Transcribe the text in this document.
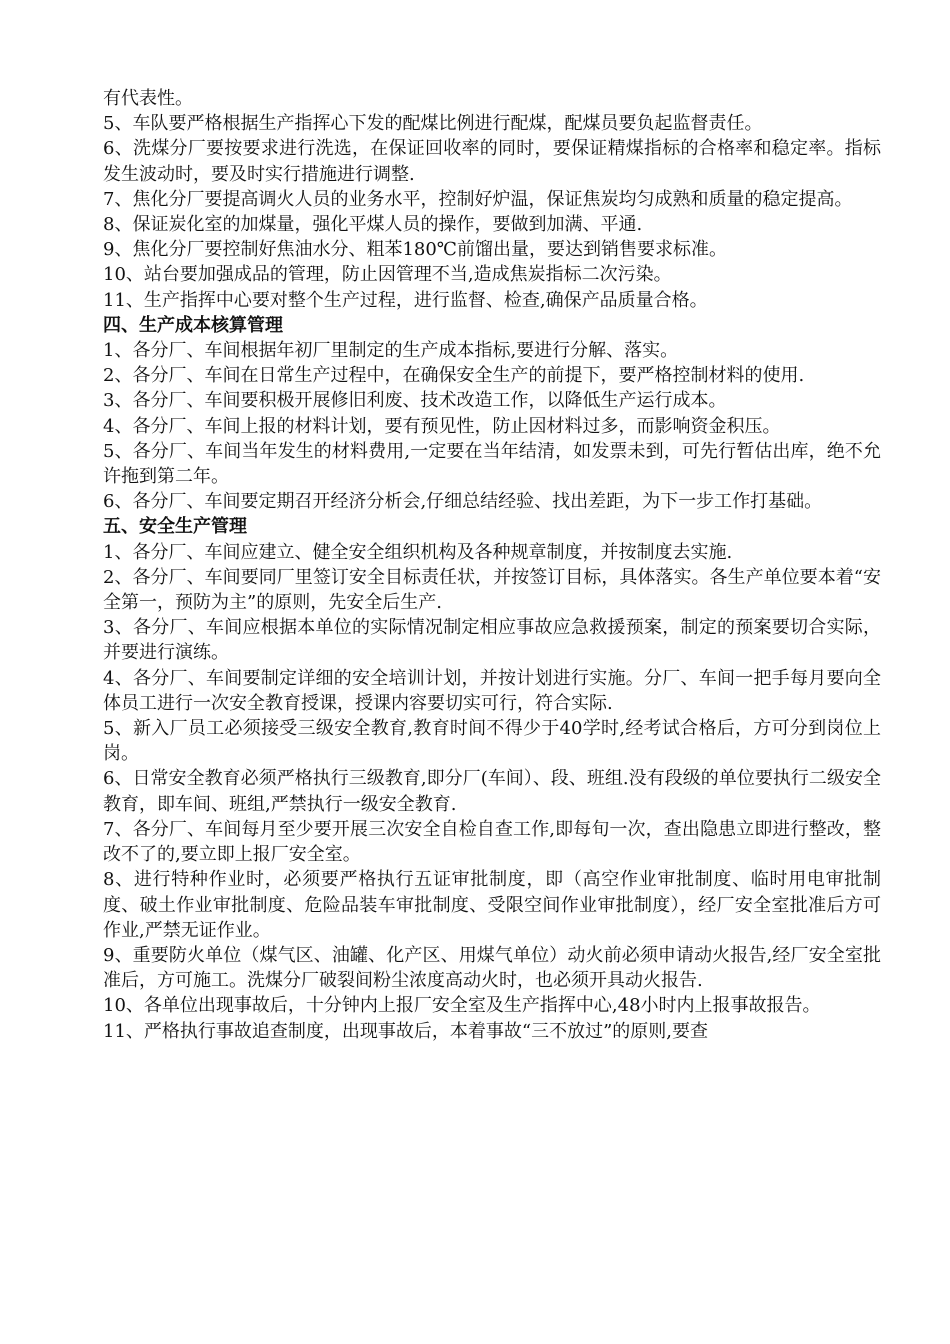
有代表性。

5、车队要严格根据生产指挥心下发的配煤比例进行配煤，配煤员要负起监督责任。

6、洗煤分厂要按要求进行洗选，在保证回收率的同时，要保证精煤指标的合格率和稳定率。指标发生波动时，要及时实行措施进行调整.

7、焦化分厂要提高调火人员的业务水平，控制好炉温，保证焦炭均匀成熟和质量的稳定提高。

8、保证炭化室的加煤量，强化平煤人员的操作，要做到加满、平通.

9、焦化分厂要控制好焦油水分、粗苯180℃前馏出量，要达到销售要求标准。

10、站台要加强成品的管理，防止因管理不当,造成焦炭指标二次污染。

11、生产指挥中心要对整个生产过程，进行监督、检查,确保产品质量合格。

四、生产成本核算管理

1、各分厂、车间根据年初厂里制定的生产成本指标,要进行分解、落实。

2、各分厂、车间在日常生产过程中，在确保安全生产的前提下，要严格控制材料的使用.

3、各分厂、车间要积极开展修旧利废、技术改造工作，以降低生产运行成本。

4、各分厂、车间上报的材料计划，要有预见性，防止因材料过多，而影响资金积压。

5、各分厂、车间当年发生的材料费用,一定要在当年结清，如发票未到，可先行暂估出库，绝不允许拖到第二年。

6、各分厂、车间要定期召开经济分析会,仔细总结经验、找出差距，为下一步工作打基础。

五、安全生产管理

1、各分厂、车间应建立、健全安全组织机构及各种规章制度，并按制度去实施.

2、各分厂、车间要同厂里签订安全目标责任状，并按签订目标，具体落实。各生产单位要本着“安全第一，预防为主”的原则，先安全后生产.

3、各分厂、车间应根据本单位的实际情况制定相应事故应急救援预案，制定的预案要切合实际，并要进行演练。

4、各分厂、车间要制定详细的安全培训计划，并按计划进行实施。分厂、车间一把手每月要向全体员工进行一次安全教育授课，授课内容要切实可行，符合实际.

5、新入厂员工必须接受三级安全教育,教育时间不得少于40学时,经考试合格后，方可分到岗位上岗。

6、日常安全教育必须严格执行三级教育,即分厂(车间）、段、班组.没有段级的单位要执行二级安全教育，即车间、班组,严禁执行一级安全教育.

7、各分厂、车间每月至少要开展三次安全自检自查工作,即每旬一次，查出隐患立即进行整改，整改不了的,要立即上报厂安全室。

8、进行特种作业时，必须要严格执行五证审批制度，即（高空作业审批制度、临时用电审批制度、破土作业审批制度、危险品装车审批制度、受限空间作业审批制度），经厂安全室批准后方可作业,严禁无证作业。

9、重要防火单位（煤气区、油罐、化产区、用煤气单位）动火前必须申请动火报告,经厂安全室批准后，方可施工。洗煤分厂破裂间粉尘浓度高动火时，也必须开具动火报告.

10、各单位出现事故后，十分钟内上报厂安全室及生产指挥中心,48小时内上报事故报告。

11、严格执行事故追查制度，出现事故后，本着事故“三不放过”的原则,要查
